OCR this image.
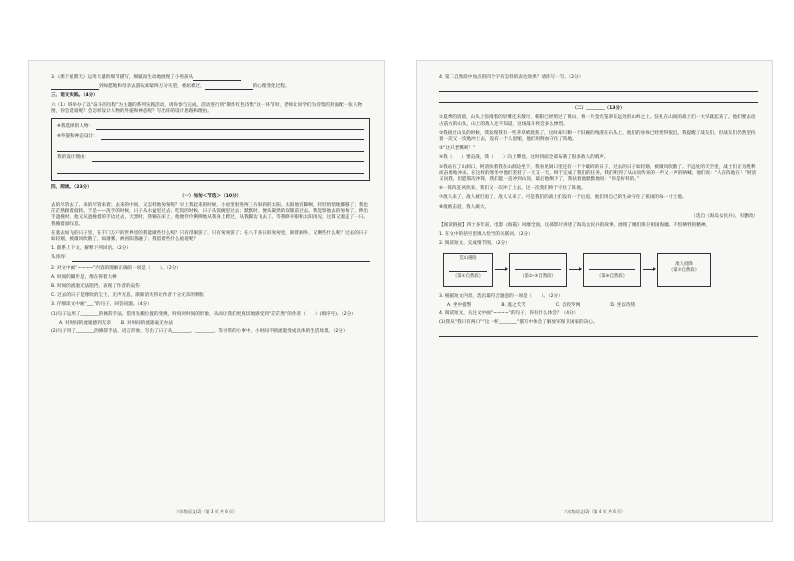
3.《那个星期天》运用大量的细节描写，细腻而生动地展现了小男孩从

到如愿地和母亲去游玩却最终万分失望，委屈难过，	的心理变化过程。

三、语文实践。（4分）

六（1）班举办了以“奋斗的历程”为主题的系列实践活动，请你参与完成。活动进行到“制作红色诗集”这一环节时，老师让同学们为诗集的封面配一张人物图，你会选谁呢？会怎样设计人物的外貌和神态呢？写出你的设计思路和理由。

※我选择的人物：
※外貌和神态设计：
我的设计理由：

四、阅读。（23分）

（一）匆匆＜节选＞（10分）

去的尽管去了，来的尽管来着；去来的中间，又怎样地匆匆呢？早上我起来的时候，小屋里射进两三方斜斜的太阳。太阳他有脚啊，轻轻悄悄地挪移了；我也茫茫然跟着旋转。于是——洗手的时候，日子从水盆里过去；吃饭的时候，日子从饭碗里过去；默默时，便从凝然的双眼前过去。我觉察他去的匆匆了，伸出手遮挽时，他又从遮挽着的手边过去，天黑时，我躺在床上，他便伶伶俐俐地从我身上跨过，从我脚边飞去了。等我睁开眼和太阳再见，这算又溜走了一日。我掩着面叹息。

在逃去如飞的日子里，在千门万户的世界里的我能做些什么呢？只有徘徊罢了，只有匆匆罢了；在八千多日的匆匆里，除徘徊外，又剩些什么呢？过去的日子如轻烟，被微风吹散了，如薄雾，被初阳蒸融了；我留着些什么痕迹呢？

1. 联系上下文，解释下列词语。（2分）

头涔涔：

2. 对文中画“~~~~”内容的理解正确的一项是（　　）。（2分）

A. 时间的脚步是，像在挥着大棒

B. 时间的流逝无法阻挡，表现了作者的哀伤

C. 过去的日子是像吹的尘土，无声无息，渐渐消失得让作者十分无奈的惆怅

3. 仔细读文中画“___”的句子，回答问题。（4分）

(1)句子运用了________的修辞手法，借用先搬位置的变换，时间对时间的形象，从而让我们更真切地感受到“茫茫然”的作者（　　）(填序号)。（2分）

A. 对时间的流逝感到无奈 B. 对时间的流逝毫无办法

(2)句子用了________的修辞手法，语言形象，写出了日子从________、________、等寻常的小事中，小时间不断流逝变成具体的生活场景。（2分）

六年级语文(2)（第 3 页 共 6 页）

4. 第二自然段中加点的四个字有怎样的表达效果？请你写一写。（2分）

（二）________（13分）

①夏季的清晨，山头上弥漫着的轻雾还未散尽，朝阳已经照过了黄山，将一片金光笼罩在远处的山岭之上。驻扎在山间的战士们一大早就起来了。他们要去攻占前方的山头，山上的敌人还不知道，这场战斗将会多么惨烈。

②我接过山头的时候，我发现我有一些茅草被烧焦了，这时却只剩一个旧碗的残渣在石头上，他们的身体已经变得很沉，我提醒了战友们，但战友们仍然坚持着一次又一次地冲上去，没有一个人退缩，他们用鲜血守住了阵地。

③“这只老鹰呵！”

④我（　　）要奋战，我（　　）向上攀登，这时四面全部布满了很多敌人的哨声。

⑤我站在了山洞口，阿清扶着我在山洞边坐下，我看见洞口里还有一个个破碎的日子，过去的日子如轻烟，被微风吹散了。不远处的天空里，战士们正为胜利而奋勇地冲杀，在这样的寒冬中他们坚持了一天又一天，终于完成了我们的任务。我们听到了从山顶传来的一声又一声的呐喊，他们说：“人在阵地在！”阿清又问我，但愿那次冲锋，我们能一直冲到山顶，最后他倒下了，我扶着他默默地说：“你是好样的。”

⑥一阵阵狂风吹来，我们又一次冲了上去，这一次我们终于守住了阵地。

⑦敌人来了，敌人被打退了，敌人又来了，可是我们的战士们没有一个后退，他们用自己的生命守住了祖国的每一寸土地。

⑧敌被击退，我人做大。

（选自《海岛女民兵》，有删改）

【阅读链接】四十多年前，电影《海霞》风靡全国，这部影片讲述了海岛女民兵的故事，展现了她们保卫祖国海疆、不怕牺牲的精神。

1. 在文中的括号里填入恰当的关联词。（2分）

2. 阅读短文，完成情节图。（2分）

荒山遇险
（第①自然段）	（第②-⑤自然段）	（第⑥自然段）
敌人投降
（第⑦自然段）

3. 根据短文内容，选出最符合题意的一项是（　　）。（2分）

A. 坐中提警	B. 逃之夭夭	C. 自投罗网	D. 坐以待毙

4. 阅读短文，关注文中画“~~~~”的句子，你有什么体会？（4分）

(1)我从“我只有两口”“这一杯________”描写中体会了解放军保卫国家的决心。

六年级语文(2)（第 4 页 共 6 页）
